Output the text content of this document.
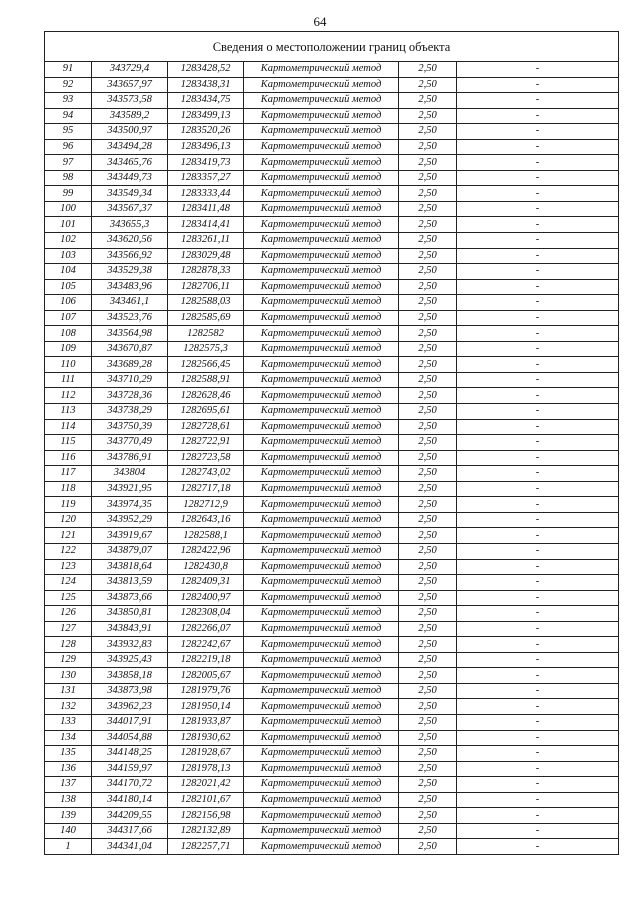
64
Сведения о местоположении границ объекта					
91	343729,4	1283428,52	Картометрический метод	2,50	-
92	343657,97	1283438,31	Картометрический метод	2,50	-
93	343573,58	1283434,75	Картометрический метод	2,50	-
94	343589,2	1283499,13	Картометрический метод	2,50	-
95	343500,97	1283520,26	Картометрический метод	2,50	-
96	343494,28	1283496,13	Картометрический метод	2,50	-
97	343465,76	1283419,73	Картометрический метод	2,50	-
98	343449,73	1283357,27	Картометрический метод	2,50	-
99	343549,34	1283333,44	Картометрический метод	2,50	-
100	343567,37	1283411,48	Картометрический метод	2,50	-
101	343655,3	1283414,41	Картометрический метод	2,50	-
102	343620,56	1283261,11	Картометрический метод	2,50	-
103	343566,92	1283029,48	Картометрический метод	2,50	-
104	343529,38	1282878,33	Картометрический метод	2,50	-
105	343483,96	1282706,11	Картометрический метод	2,50	-
106	343461,1	1282588,03	Картометрический метод	2,50	-
107	343523,76	1282585,69	Картометрический метод	2,50	-
108	343564,98	1282582	Картометрический метод	2,50	-
109	343670,87	1282575,3	Картометрический метод	2,50	-
110	343689,28	1282566,45	Картометрический метод	2,50	-
111	343710,29	1282588,91	Картометрический метод	2,50	-
112	343728,36	1282628,46	Картометрический метод	2,50	-
113	343738,29	1282695,61	Картометрический метод	2,50	-
114	343750,39	1282728,61	Картометрический метод	2,50	-
115	343770,49	1282722,91	Картометрический метод	2,50	-
116	343786,91	1282723,58	Картометрический метод	2,50	-
117	343804	1282743,02	Картометрический метод	2,50	-
118	343921,95	1282717,18	Картометрический метод	2,50	-
119	343974,35	1282712,9	Картометрический метод	2,50	-
120	343952,29	1282643,16	Картометрический метод	2,50	-
121	343919,67	1282588,1	Картометрический метод	2,50	-
122	343879,07	1282422,96	Картометрический метод	2,50	-
123	343818,64	1282430,8	Картометрический метод	2,50	-
124	343813,59	1282409,31	Картометрический метод	2,50	-
125	343873,66	1282400,97	Картометрический метод	2,50	-
126	343850,81	1282308,04	Картометрический метод	2,50	-
127	343843,91	1282266,07	Картометрический метод	2,50	-
128	343932,83	1282242,67	Картометрический метод	2,50	-
129	343925,43	1282219,18	Картометрический метод	2,50	-
130	343858,18	1282005,67	Картометрический метод	2,50	-
131	343873,98	1281979,76	Картометрический метод	2,50	-
132	343962,23	1281950,14	Картометрический метод	2,50	-
133	344017,91	1281933,87	Картометрический метод	2,50	-
134	344054,88	1281930,62	Картометрический метод	2,50	-
135	344148,25	1281928,67	Картометрический метод	2,50	-
136	344159,97	1281978,13	Картометрический метод	2,50	-
137	344170,72	1282021,42	Картометрический метод	2,50	-
138	344180,14	1282101,67	Картометрический метод	2,50	-
139	344209,55	1282156,98	Картометрический метод	2,50	-
140	344317,66	1282132,89	Картометрический метод	2,50	-
1	344341,04	1282257,71	Картометрический метод	2,50	-
